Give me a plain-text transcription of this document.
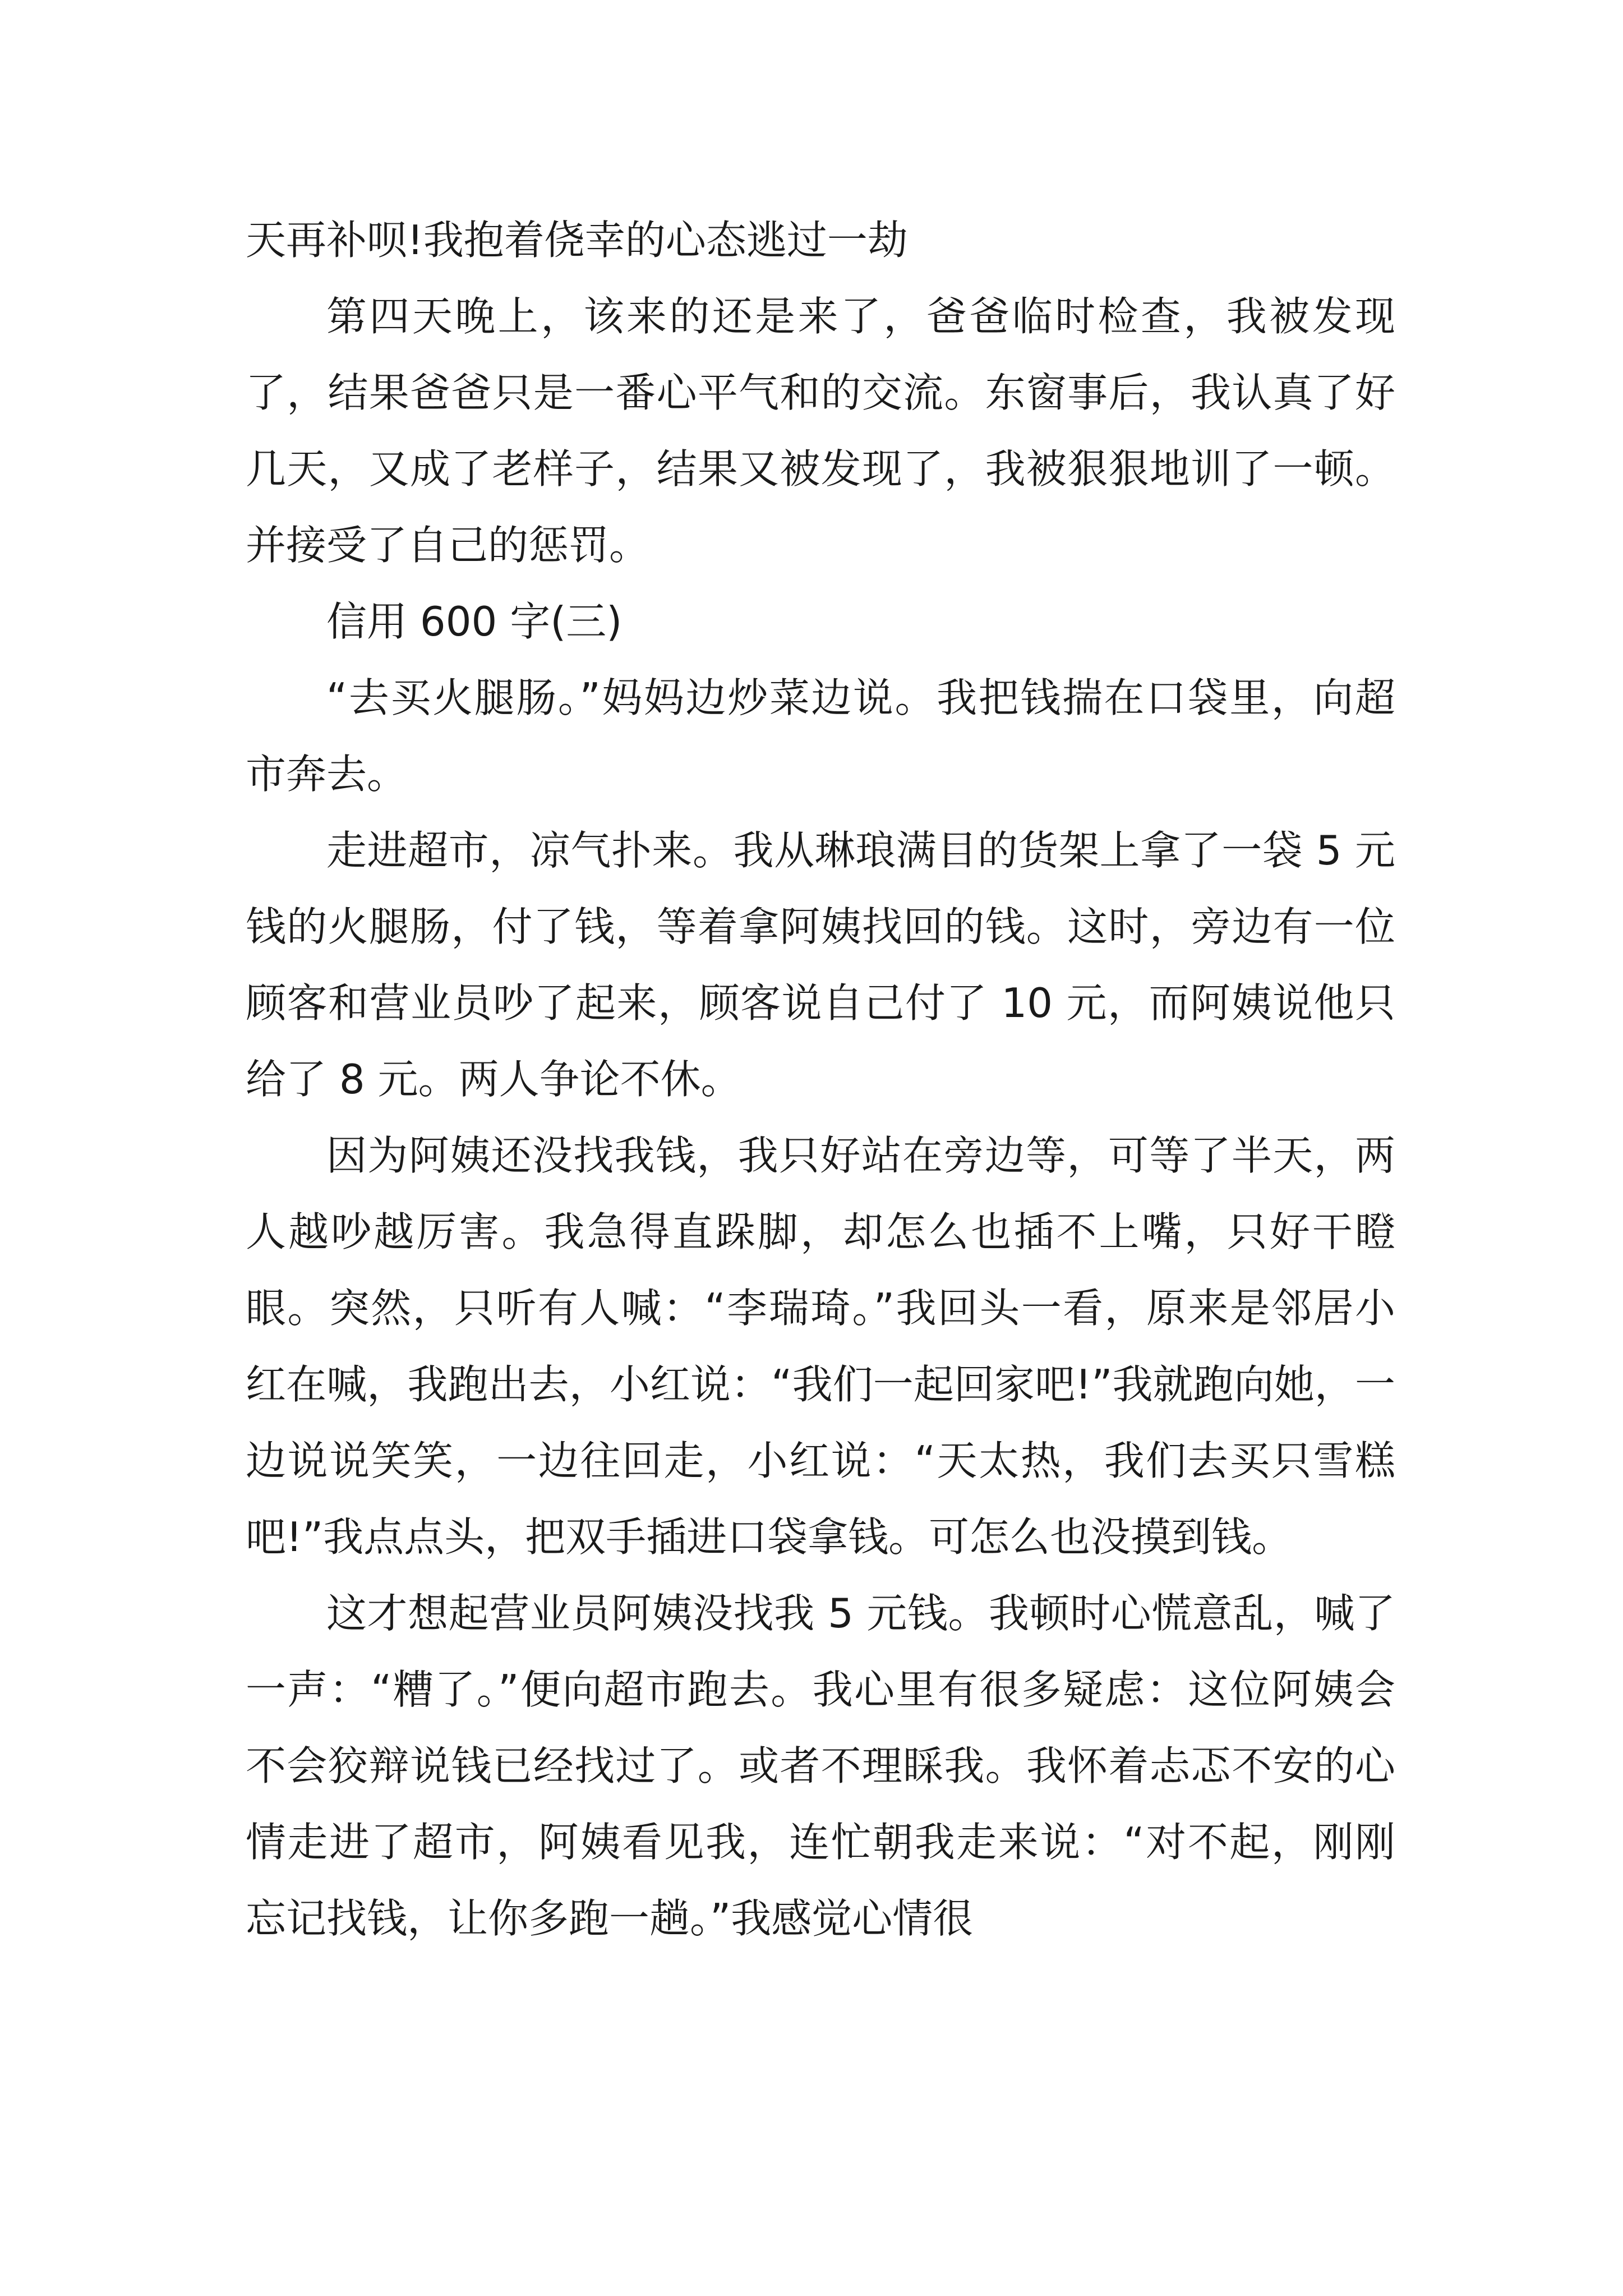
天再补呗!我抱着侥幸的心态逃过一劫

第四天晚上，该来的还是来了，爸爸临时检查，我被发现了，结果爸爸只是一番心平气和的交流。东窗事后，我认真了好几天，又成了老样子，结果又被发现了，我被狠狠地训了一顿。并接受了自己的惩罚。

信用 600 字(三)

“去买火腿肠。”妈妈边炒菜边说。我把钱揣在口袋里，向超市奔去。

走进超市，凉气扑来。我从琳琅满目的货架上拿了一袋 5 元钱的火腿肠，付了钱，等着拿阿姨找回的钱。这时，旁边有一位顾客和营业员吵了起来，顾客说自己付了 10 元，而阿姨说他只给了 8 元。两人争论不休。

因为阿姨还没找我钱，我只好站在旁边等，可等了半天，两人越吵越厉害。我急得直跺脚，却怎么也插不上嘴，只好干瞪眼。突然，只听有人喊：“李瑞琦。”我回头一看，原来是邻居小红在喊，我跑出去，小红说：“我们一起回家吧!”我就跑向她，一边说说笑笑，一边往回走，小红说：“天太热，我们去买只雪糕吧!”我点点头，把双手插进口袋拿钱。可怎么也没摸到钱。

这才想起营业员阿姨没找我 5 元钱。我顿时心慌意乱，喊了一声：“糟了。”便向超市跑去。我心里有很多疑虑：这位阿姨会不会狡辩说钱已经找过了。或者不理睬我。我怀着忐忑不安的心情走进了超市，阿姨看见我，连忙朝我走来说：“对不起，刚刚忘记找钱，让你多跑一趟。”我感觉心情很
